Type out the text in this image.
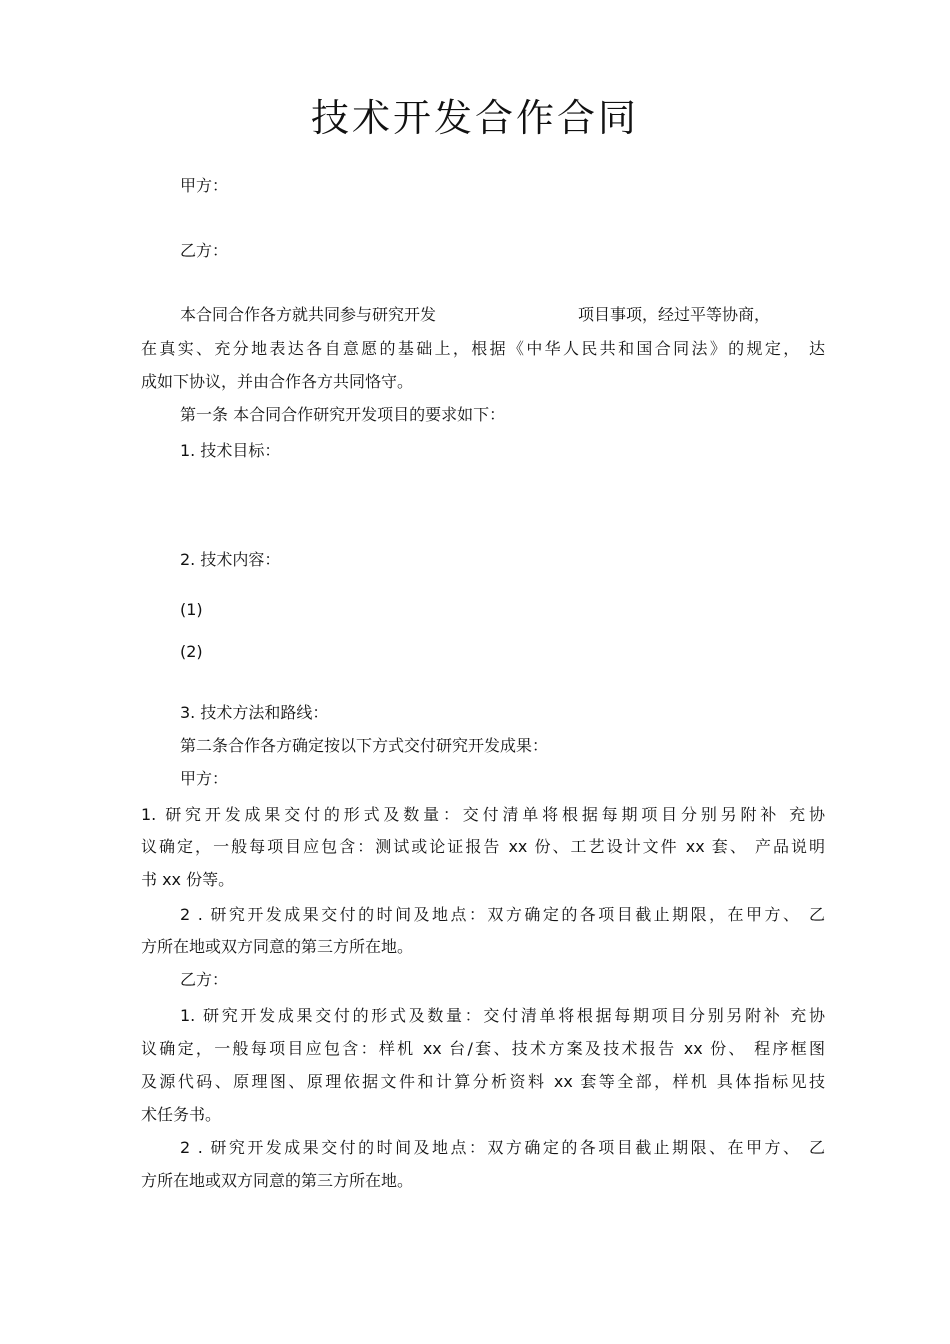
技术开发合作合同
甲方：
乙方：
本合同合作各方就共同参与研究开发	项目事项，经过平等协商，
在真实、充分地表达各自意愿的基础上，根据《中华人民共和国合同法》的规定， 达
成如下协议，并由合作各方共同恪守。
第一条 本合同合作研究开发项目的要求如下：
1. 技术目标：
2. 技术内容：
(1)
(2)
3. 技术方法和路线：
第二条合作各方确定按以下方式交付研究开发成果：
甲方：
1. 研究开发成果交付的形式及数量：交付清单将根据每期项目分别另附补 充协
议确定，一般每项目应包含：测试或论证报告 xx 份、工艺设计文件 xx 套、 产品说明
书 xx 份等。
2 . 研究开发成果交付的时间及地点：双方确定的各项目截止期限，在甲方、 乙
方所在地或双方同意的第三方所在地。
乙方：
1. 研究开发成果交付的形式及数量：交付清单将根据每期项目分别另附补 充协
议确定，一般每项目应包含：样机 xx 台/套、技术方案及技术报告 xx 份、 程序框图
及源代码、原理图、原理依据文件和计算分析资料 xx 套等全部，样机 具体指标见技
术任务书。
2 . 研究开发成果交付的时间及地点：双方确定的各项目截止期限、在甲方、 乙
方所在地或双方同意的第三方所在地。
